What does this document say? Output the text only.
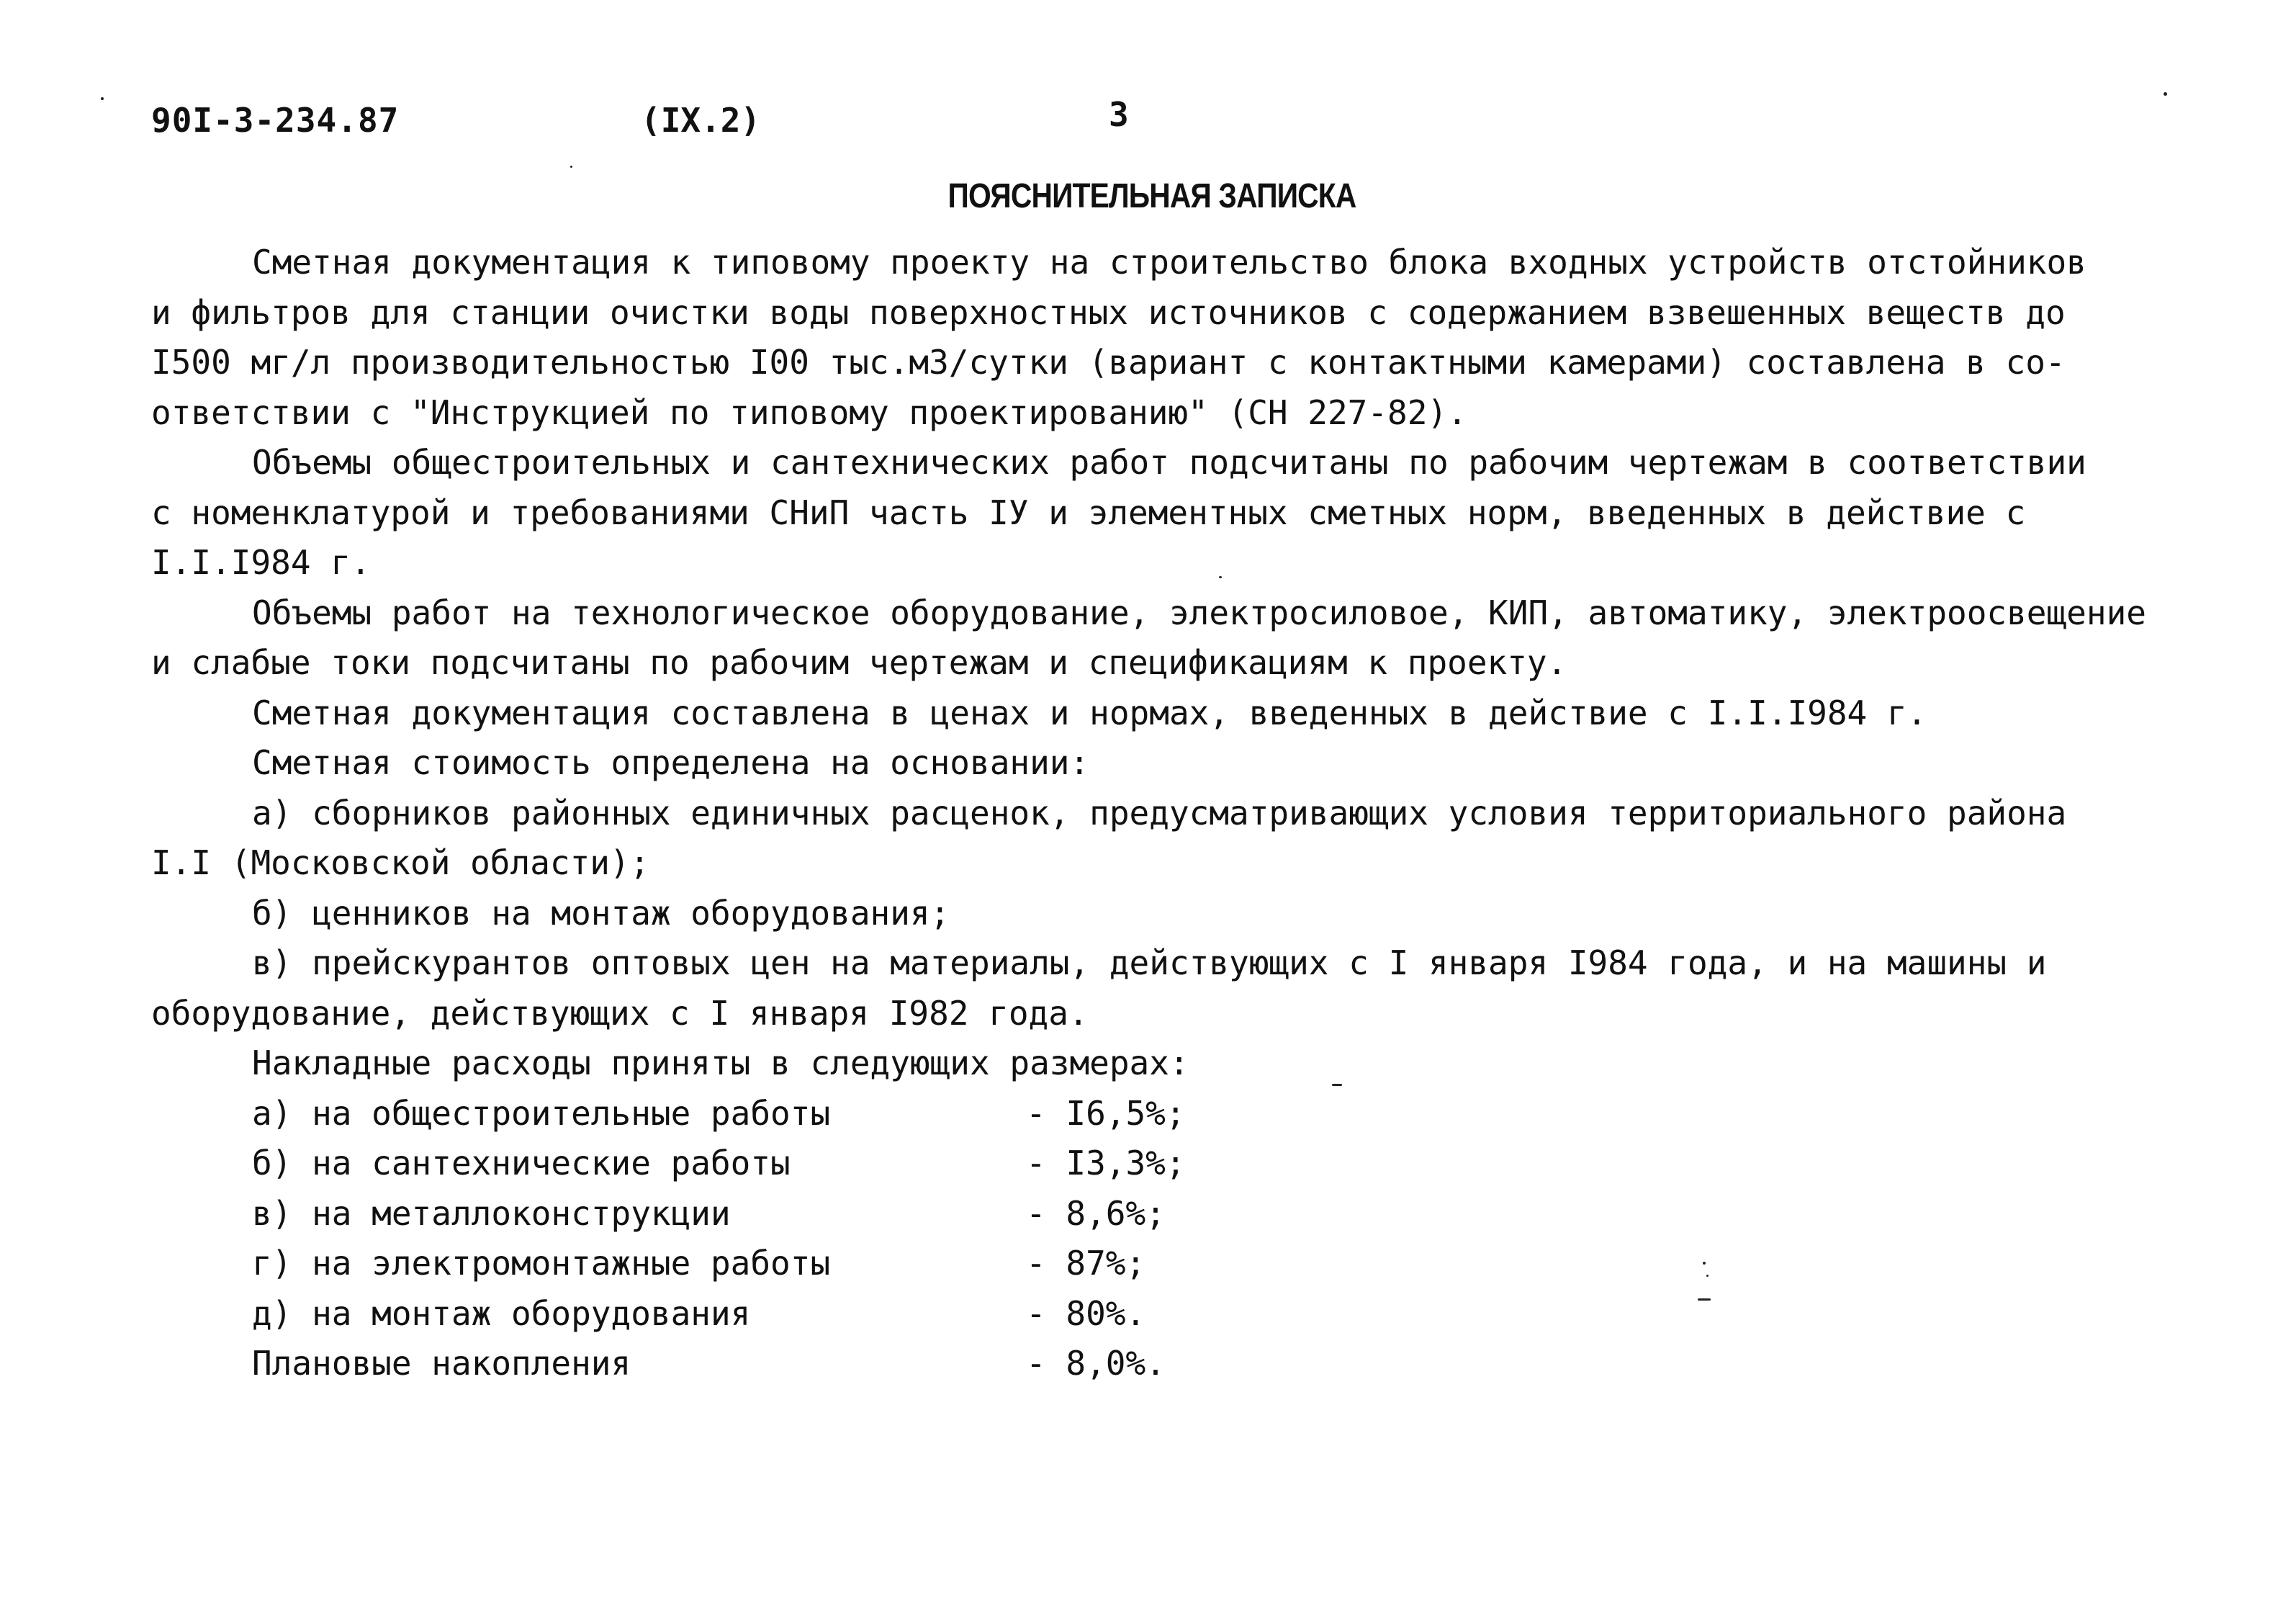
90I-3-234.87	(IX.2)	3
ПОЯСНИТЕЛЬНАЯ ЗАПИСКА

Сметная документация к типовому проекту на строительство блока входных устройств отстойников

и фильтров для станции очистки воды поверхностных источников с содержанием взвешенных веществ до

I500 мг/л производительностью I00 тыс.м3/сутки (вариант с контактными камерами) составлена в со-

ответствии с "Инструкцией по типовому проектированию" (СН 227-82).

Объемы общестроительных и сантехнических работ подсчитаны по рабочим чертежам в соответствии

с номенклатурой и требованиями СНиП часть IУ и элементных сметных норм, введенных в действие с

I.I.I984 г.

Объемы работ на технологическое оборудование, электросиловое, КИП, автоматику, электроосвещение

и слабые токи подсчитаны по рабочим чертежам и спецификациям к проекту.

Сметная документация составлена в ценах и нормах, введенных в действие с I.I.I984 г.

Сметная стоимость определена на основании:

а) сборников районных единичных расценок, предусматривающих условия территориального района

I.I (Московской области);

б) ценников на монтаж оборудования;

в) прейскурантов оптовых цен на материалы, действующих с I января I984 года, и на машины и

оборудование, действующих с I января I982 года.

Накладные расходы приняты в следующих размерах:

а) на общестроительные работы	- I6,5%;
б) на сантехнические работы	- I3,3%;
в) на металлоконструкции	- 8,6%;
г) на электромонтажные работы	- 87%;
д) на монтаж оборудования	- 80%.
Плановые накопления	- 8,0%.
